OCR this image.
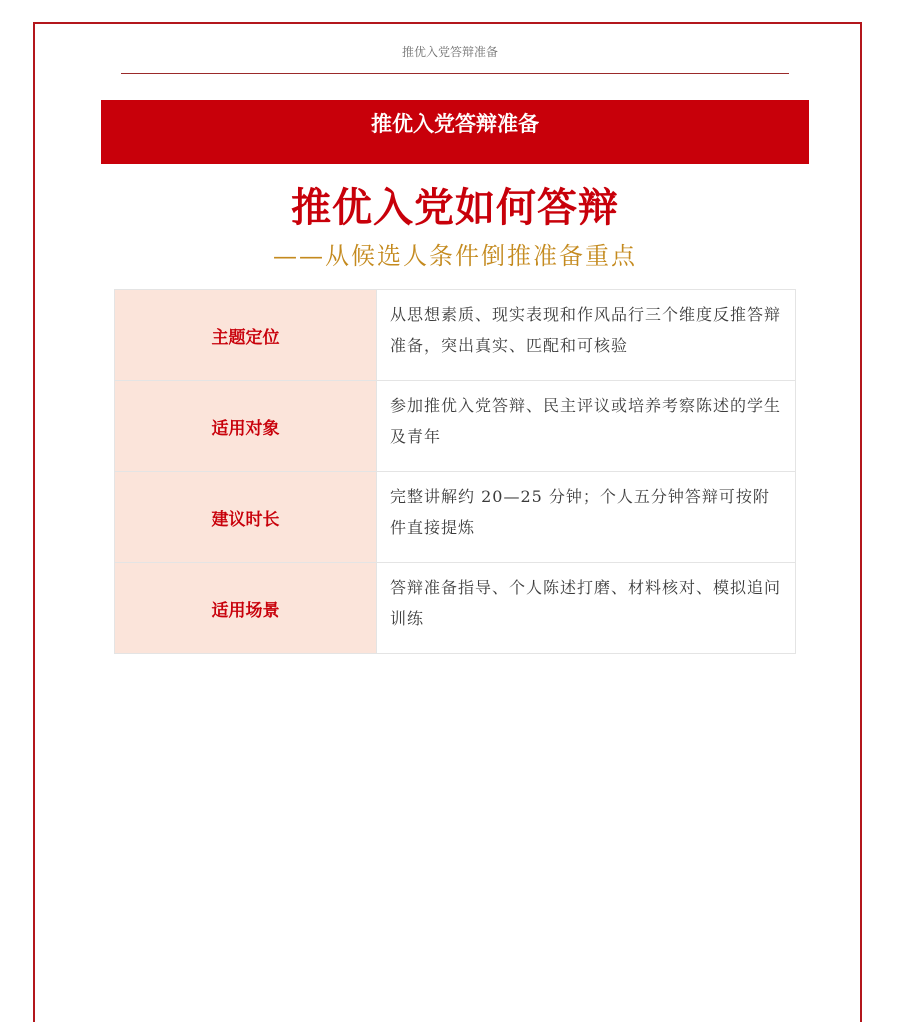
推优入党答辩准备
推优入党答辩准备
推优入党如何答辩
——从候选人条件倒推准备重点
主题定位	从思想素质、现实表现和作风品行三个维度反推答辩准备，突出真实、匹配和可核验
适用对象	参加推优入党答辩、民主评议或培养考察陈述的学生及青年
建议时长	完整讲解约 20—25 分钟；个人五分钟答辩可按附件直接提炼
适用场景	答辩准备指导、个人陈述打磨、材料核对、模拟追问训练
